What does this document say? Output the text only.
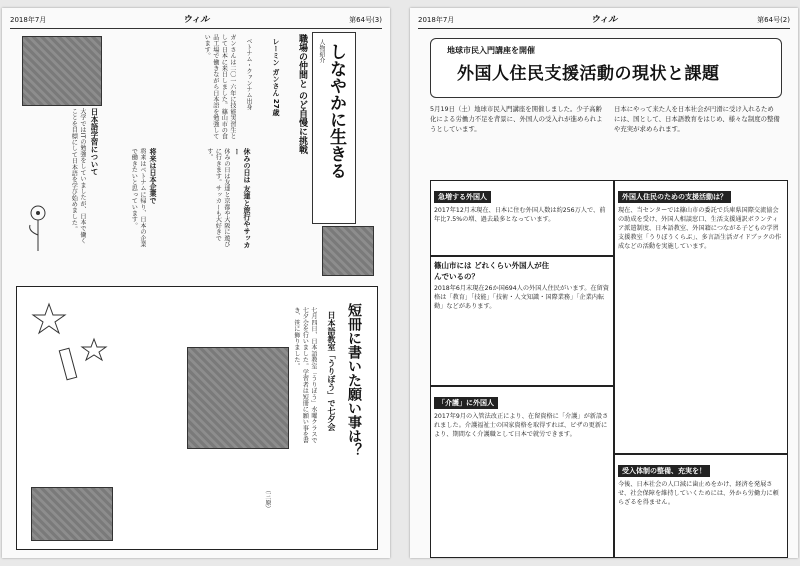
2018年7月	ウィル	第64号(3)
人物紹介 しなやかに生きる
職場の仲間と のど自慢に挑戦
レーミン ガンさん 27歳
ベトナム・クァンナム出身
ガンさんは二〇一六年に技能実習生として日本に来日しました。篠山市の食品工場で働きながら日本語を勉強しています。
日本語学習について
大学ではITの勉強をしていましたが、日本で働くことを目標にして日本語を学び始めました。	休みの日は 友達と旅行やサッカー
休みの日は友達と京都や大阪に遊びに行きます。サッカーも大好きです。
将来は日本企業で
将来はベトナムに帰り、日本の企業で働きたいと思っています。
短冊に書いた願い事は？
日本語教室「うりぼう」で七夕会
七月四日、日本語教室「うりぼう」水曜クラスで七夕会を行いました。学習者は短冊に願い事を書き、笹に飾りました。
（三原）
2018年7月	ウィル	第64号(2)
地球市民入門講座を開催
外国人住民支援活動の現状と課題
5月19日（土）地球市民入門講座を開催しました。少子高齢化による労働力不足を背景に、外国人の受入れが進められようとしています。
日本にやって来た人を日本社会が円滑に受け入れるためには、国として、日本語教育をはじめ、様々な制度の整備や充実が求められます。
急増する外国人
2017年12月末現在、日本に住む外国人数は約256万人で、前年比7.5%の増、過去最多となっています。
篠山市には どれくらい外国人が住んでいるの？
2018年6月末現在26か国694人の外国人住民がいます。在留資格は「教育」「技能」「技術・人文知識・国際業務」「企業内転勤」などがあります。
「介護」に外国人
2017年9月の入管法改正により、在留資格に「介護」が新設されました。介護福祉士の国家資格を取得すれば、ビザの更新により、期間なく介護職として日本で就労できます。
外国人住民のための支援活動は？
現在、当センターでは篠山市の委託で兵庫県国際交流協会の助成を受け、外国人相談窓口、生活支援通訳ボランティア派遣制度、日本語教室、外国籍につながる子どもの学習支援教室「うりぼうくらぶ」、多言語生活ガイドブックの作成などの活動を実施しています。
受入体制の整備、充実を！
今後、日本社会の人口減に歯止めをかけ、経済を発展させ、社会保障を維持していくためには、外から労働力に頼らざるを得ません。
